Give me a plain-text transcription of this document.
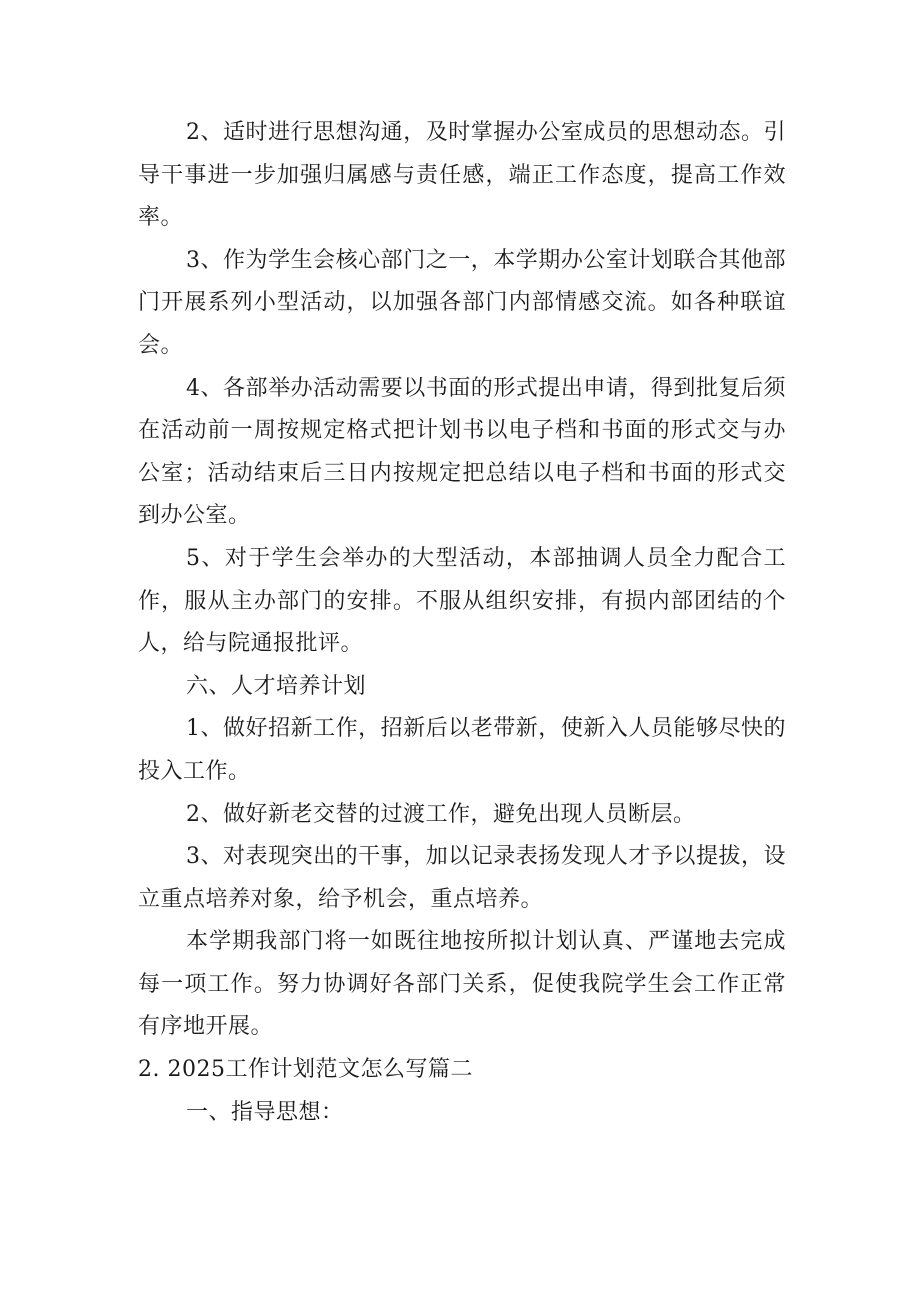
2、适时进行思想沟通，及时掌握办公室成员的思想动态。引导干事进一步加强归属感与责任感，端正工作态度，提高工作效率。

3、作为学生会核心部门之一，本学期办公室计划联合其他部门开展系列小型活动，以加强各部门内部情感交流。如各种联谊会。

4、各部举办活动需要以书面的形式提出申请，得到批复后须在活动前一周按规定格式把计划书以电子档和书面的形式交与办公室；活动结束后三日内按规定把总结以电子档和书面的形式交到办公室。

5、对于学生会举办的大型活动，本部抽调人员全力配合工作，服从主办部门的安排。不服从组织安排，有损内部团结的个人，给与院通报批评。

六、人才培养计划

1、做好招新工作，招新后以老带新，使新入人员能够尽快的投入工作。

2、做好新老交替的过渡工作，避免出现人员断层。

3、对表现突出的干事，加以记录表扬发现人才予以提拔，设立重点培养对象，给予机会，重点培养。

本学期我部门将一如既往地按所拟计划认真、严谨地去完成每一项工作。努力协调好各部门关系，促使我院学生会工作正常有序地开展。

2. 2025工作计划范文怎么写篇二

一、指导思想：
